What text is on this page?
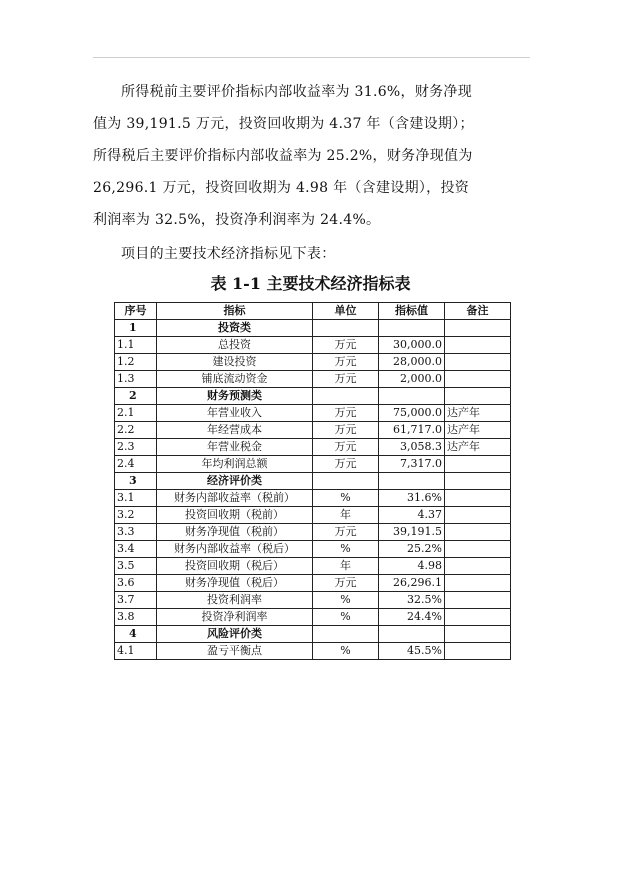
所得税前主要评价指标内部收益率为 31.6%，财务净现

值为 39,191.5 万元，投资回收期为 4.37 年（含建设期）；

所得税后主要评价指标内部收益率为 25.2%，财务净现值为

26,296.1 万元，投资回收期为 4.98 年（含建设期），投资

利润率为 32.5%，投资净利润率为 24.4%。

项目的主要技术经济指标见下表：

表 1-1 主要技术经济指标表
序号	指标	单位	指标值	备注
1	投资类			
1.1	总投资	万元	30,000.0	
1.2	建设投资	万元	28,000.0	
1.3	铺底流动资金	万元	2,000.0	
2	财务预测类			
2.1	年营业收入	万元	75,000.0	达产年
2.2	年经营成本	万元	61,717.0	达产年
2.3	年营业税金	万元	3,058.3	达产年
2.4	年均利润总额	万元	7,317.0	
3	经济评价类			
3.1	财务内部收益率（税前）	%	31.6%	
3.2	投资回收期（税前）	年	4.37	
3.3	财务净现值（税前）	万元	39,191.5	
3.4	财务内部收益率（税后）	%	25.2%	
3.5	投资回收期（税后）	年	4.98	
3.6	财务净现值（税后）	万元	26,296.1	
3.7	投资利润率	%	32.5%	
3.8	投资净利润率	%	24.4%	
4	风险评价类			
4.1	盈亏平衡点	%	45.5%	
